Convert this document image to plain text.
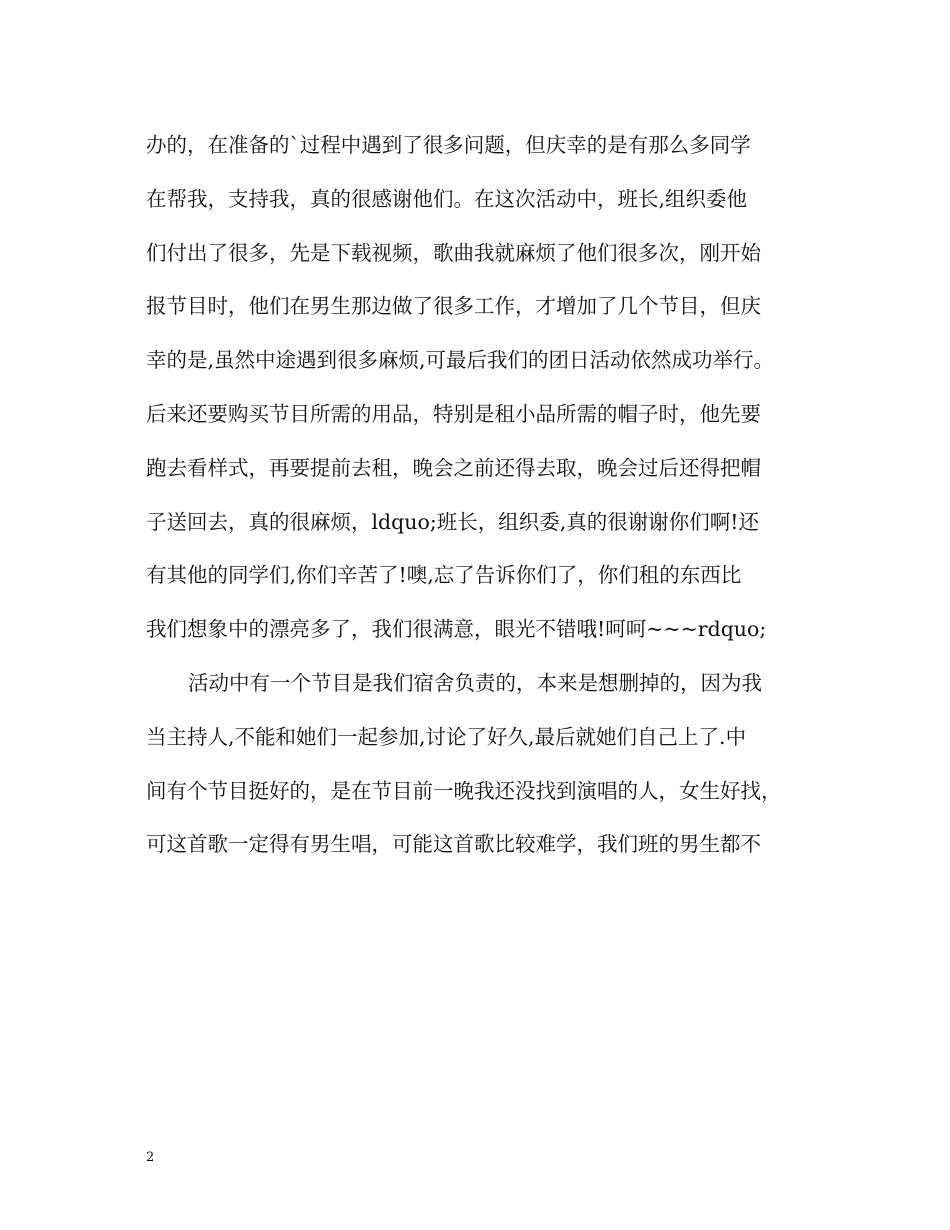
办的，在准备的`过程中遇到了很多问题，但庆幸的是有那么多同学
在帮我，支持我，真的很感谢他们。在这次活动中，班长,组织委他
们付出了很多，先是下载视频，歌曲我就麻烦了他们很多次，刚开始
报节目时，他们在男生那边做了很多工作，才增加了几个节目，但庆
幸的是,虽然中途遇到很多麻烦,可最后我们的团日活动依然成功举行。
后来还要购买节目所需的用品，特别是租小品所需的帽子时，他先要
跑去看样式，再要提前去租，晚会之前还得去取，晚会过后还得把帽
子送回去，真的很麻烦，ldquo;班长，组织委,真的很谢谢你们啊!还
有其他的同学们,你们辛苦了!噢,忘了告诉你们了，你们租的东西比
我们想象中的漂亮多了，我们很满意，眼光不错哦!呵呵~~~rdquo;
活动中有一个节目是我们宿舍负责的，本来是想删掉的，因为我
当主持人,不能和她们一起参加,讨论了好久,最后就她们自己上了.中
间有个节目挺好的，是在节目前一晚我还没找到演唱的人，女生好找，
可这首歌一定得有男生唱，可能这首歌比较难学，我们班的男生都不
2
